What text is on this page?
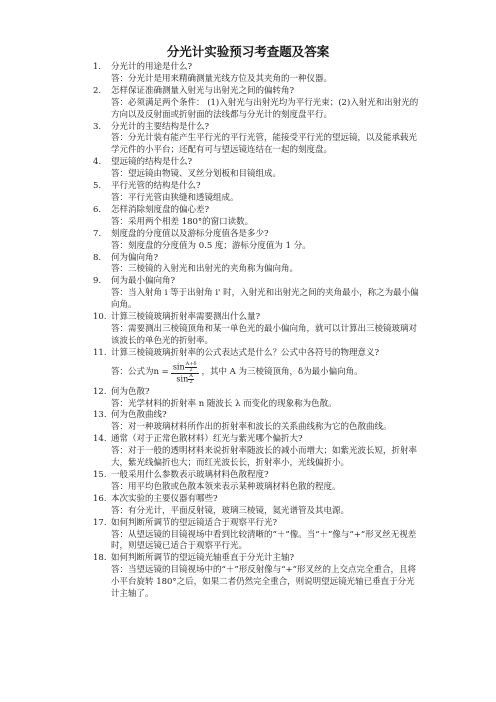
分光计实验预习考查题及答案
1.	分光计的用途是什么?
答：分光计是用来精确测量光线方位及其夹角的一种仪器。
2.	怎样保证准确测量入射光与出射光之间的偏转角?
答：必须满足两个条件： (1)入射光与出射光均为平行光束；(2)入射光和出射光的方向以及反射面或折射面的法线都与分光计的刻度盘平行。
3.	分光计的主要结构是什么?
答：分光计装有能产生平行光的平行光管，能接受平行光的望远镜，以及能承载光学元件的小平台；还配有可与望远镜连结在一起的刻度盘。
4.	望远镜的结构是什么?
答：望远镜由物镜、叉丝分划板和目镜组成。
5.	平行光管的结构是什么?
答：平行光管由狭缝和透镜组成。
6.	怎样消除刻度盘的偏心差?
答：采用两个相差 180°的窗口读数。
7.	刻度盘的分度值以及游标分度值各是多少?
答：刻度盘的分度值为 0.5 度；游标分度值为 1 分。
8.	何为偏向角?
答：三棱镜的入射光和出射光的夹角称为偏向角。
9.	何为最小偏向角?
答：当入射角 i 等于出射角 i' 时，入射光和出射光之间的夹角最小，称之为最小偏向角。
10. 计算三棱镜玻璃折射率需要测出什么量?
答：需要测出三棱镜顶角和某一单色光的最小偏向角，就可以计算出三棱镜玻璃对该波长的单色光的折射率。
11. 计算三棱镜玻璃折射率的公式表达式是什么？公式中各符号的物理意义?
答：公式为$n = \frac{\sin \frac{A+\delta}{2}}{\sin \frac{A}{2}}$ ，其中 A 为三棱镜顶角，δ为最小偏向角。
12. 何为色散?
答：光学材料的折射率 n 随波长 λ 而变化的现象称为色散。
13. 何为色散曲线?
答：对一种玻璃材料所作出的折射率和波长的关系曲线称为它的色散曲线。
14. 通常（对于正常色散材料）红光与紫光哪个偏折大?
答：对于一般的透明材料来说折射率随波长的减小而增大；如紫光波长短，折射率大，紫光线偏折也大；而红光波长长，折射率小，光线偏折小。
15. 一般采用什么参数表示玻璃材料色散程度?
答：用平均色散或色散本领来表示某种玻璃材料色散的程度。
16. 本次实验的主要仪器有哪些?
答：有分光计，平面反射镜，玻璃三棱镜，氦光谱管及其电源。
17. 如何判断所调节的望远镜适合于观察平行光?
答：从望远镜的目镜视场中看到比较清晰的“＋”像。当“＋”像与“+”形叉丝无视差时，则望远镜已适合于观察平行光。
18. 如何判断所调节的望远镜光轴垂直于分光计主轴?
答：当望远镜的目镜视场中的“＋”形反射像与“+”形叉丝的上交点完全重合，且将小平台旋转 180°之后，如果二者仍然完全重合，则说明望远镜光轴已垂直于分光计主轴了。
